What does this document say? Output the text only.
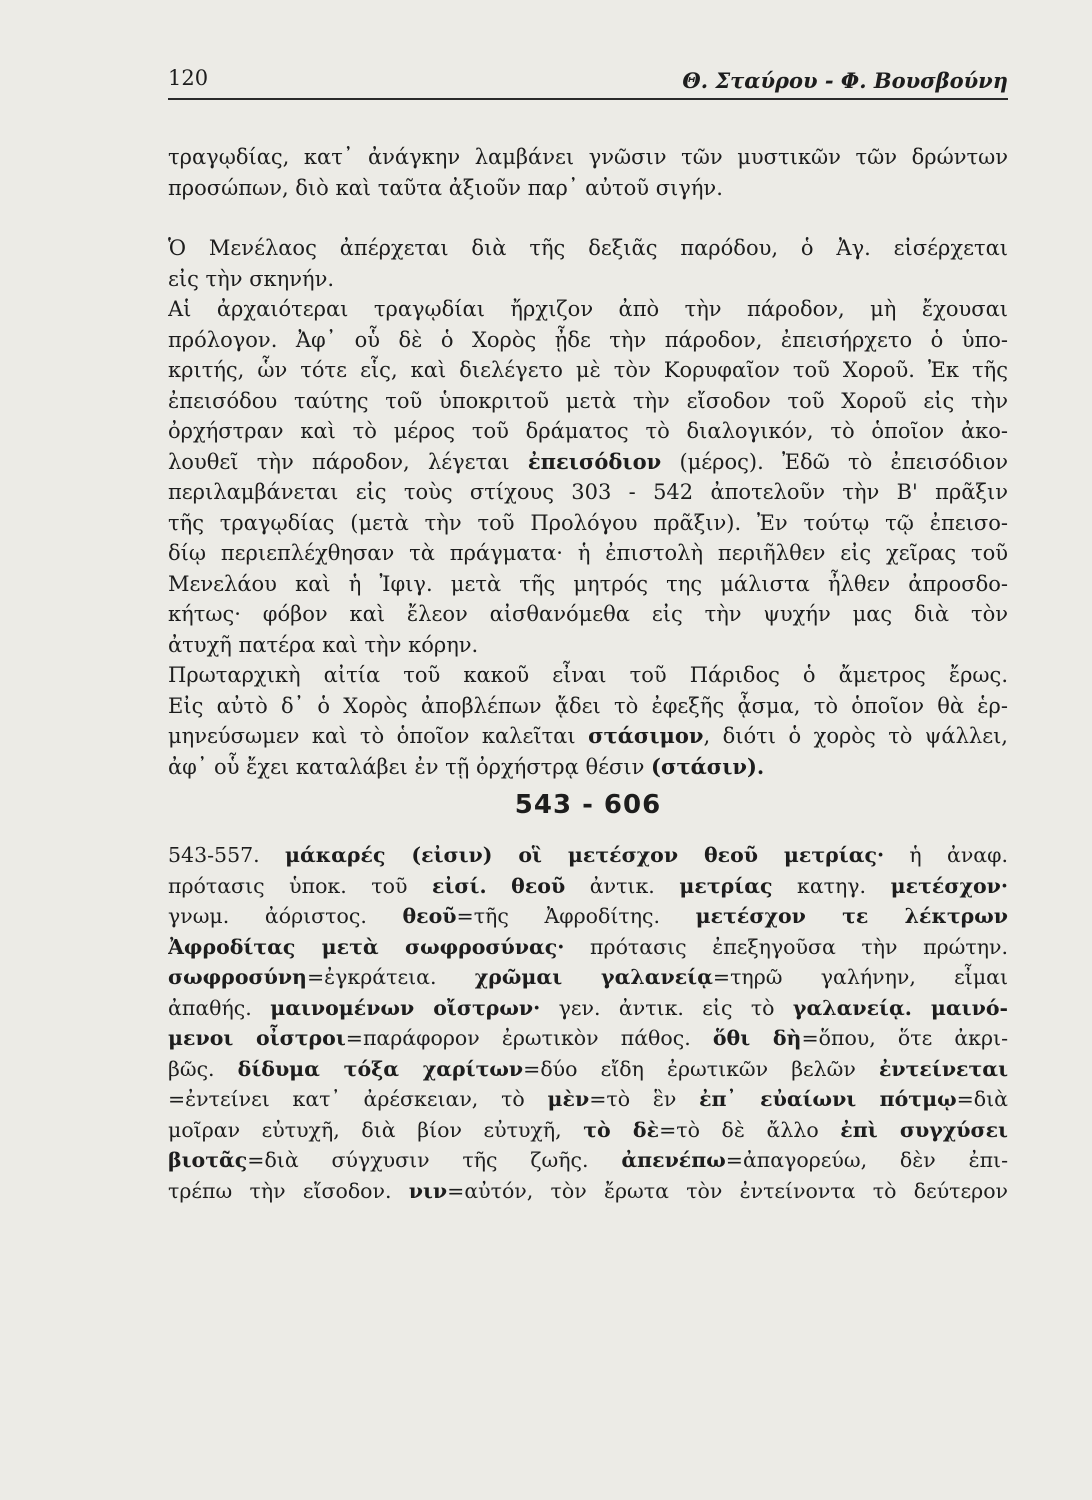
120	Θ. Σταύρου - Φ. Βουσβούνη
τραγῳδίας, κατ᾽ ἀνάγκην λαμβάνει γνῶσιν τῶν μυστικῶν τῶν δρώντων
προσώπων, διὸ καὶ ταῦτα ἀξιοῦν παρ᾽ αὐτοῦ σιγήν.
Ὁ Μενέλαος ἀπέρχεται διὰ τῆς δεξιᾶς παρόδου, ὁ Ἀγ. εἰσέρχεται
εἰς τὴν σκηνήν.
Αἱ ἀρχαιότεραι τραγῳδίαι ἤρχιζον ἀπὸ τὴν πάροδον, μὴ ἔχουσαι
πρόλογον. Ἀφ᾽ οὗ δὲ ὁ Χορὸς ᾖδε τὴν πάροδον, ἐπεισήρχετο ὁ ὑπο-
κριτής, ὧν τότε εἷς, καὶ διελέγετο μὲ τὸν Κορυφαῖον τοῦ Χοροῦ. Ἐκ τῆς
ἐπεισόδου ταύτης τοῦ ὑποκριτοῦ μετὰ τὴν εἴσοδον τοῦ Χοροῦ εἰς τὴν
ὀρχήστραν καὶ τὸ μέρος τοῦ δράματος τὸ διαλογικόν, τὸ ὁποῖον ἀκο-
λουθεῖ τὴν πάροδον, λέγεται ἐπεισόδιον (μέρος). Ἐδῶ τὸ ἐπεισόδιον
περιλαμβάνεται εἰς τοὺς στίχους 303 - 542 ἀποτελοῦν τὴν Β' πρᾶξιν
τῆς τραγῳδίας (μετὰ τὴν τοῦ Προλόγου πρᾶξιν). Ἐν τούτῳ τῷ ἐπεισο-
δίῳ περιεπλέχθησαν τὰ πράγματα· ἡ ἐπιστολὴ περιῆλθεν εἰς χεῖρας τοῦ
Μενελάου καὶ ἡ Ἰφιγ. μετὰ τῆς μητρός της μάλιστα ἦλθεν ἀπροσδο-
κήτως· φόβον καὶ ἔλεον αἰσθανόμεθα εἰς τὴν ψυχήν μας διὰ τὸν
ἀτυχῆ πατέρα καὶ τὴν κόρην.
Πρωταρχικὴ αἰτία τοῦ κακοῦ εἶναι τοῦ Πάριδος ὁ ἄμετρος ἔρως.
Εἰς αὐτὸ δ᾽ ὁ Χορὸς ἀποβλέπων ᾄδει τὸ ἐφεξῆς ᾆσμα, τὸ ὁποῖον θὰ ἑρ-
μηνεύσωμεν καὶ τὸ ὁποῖον καλεῖται στάσιμον, διότι ὁ χορὸς τὸ ψάλλει,
ἀφ᾽ οὗ ἔχει καταλάβει ἐν τῇ ὀρχήστρᾳ θέσιν (στάσιν).
543 - 606
543-557. μάκαρές (εἰσιν) οἳ μετέσχον θεοῦ μετρίας· ἡ ἀναφ.
πρότασις ὑποκ. τοῦ εἰσί. θεοῦ ἀντικ. μετρίας κατηγ. μετέσχον·
γνωμ. ἀόριστος. θεοῦ=τῆς Ἀφροδίτης. μετέσχον τε λέκτρων
Ἀφροδίτας μετὰ σωφροσύνας· πρότασις ἐπεξηγοῦσα τὴν πρώτην.
σωφροσύνη=ἐγκράτεια. χρῶμαι γαλανείᾳ=τηρῶ γαλήνην, εἶμαι
ἀπαθής. μαινομένων οἴστρων· γεν. ἀντικ. εἰς τὸ γαλανείᾳ. μαινό-
μενοι οἶστροι=παράφορον ἐρωτικὸν πάθος. ὅθι δὴ=ὅπου, ὅτε ἀκρι-
βῶς. δίδυμα τόξα χαρίτων=δύο εἴδη ἐρωτικῶν βελῶν ἐντείνεται
=ἐντείνει κατ᾽ ἀρέσκειαν, τὸ μὲν=τὸ ἓν ἐπ᾽ εὐαίωνι πότμῳ=διὰ
μοῖραν εὐτυχῆ, διὰ βίον εὐτυχῆ, τὸ δὲ=τὸ δὲ ἄλλο ἐπὶ συγχύσει
βιοτᾶς=διὰ σύγχυσιν τῆς ζωῆς. ἀπενέπω=ἀπαγορεύω, δὲν ἐπι-
τρέπω τὴν εἴσοδον. νιν=αὐτόν, τὸν ἔρωτα τὸν ἐντείνοντα τὸ δεύτερον
